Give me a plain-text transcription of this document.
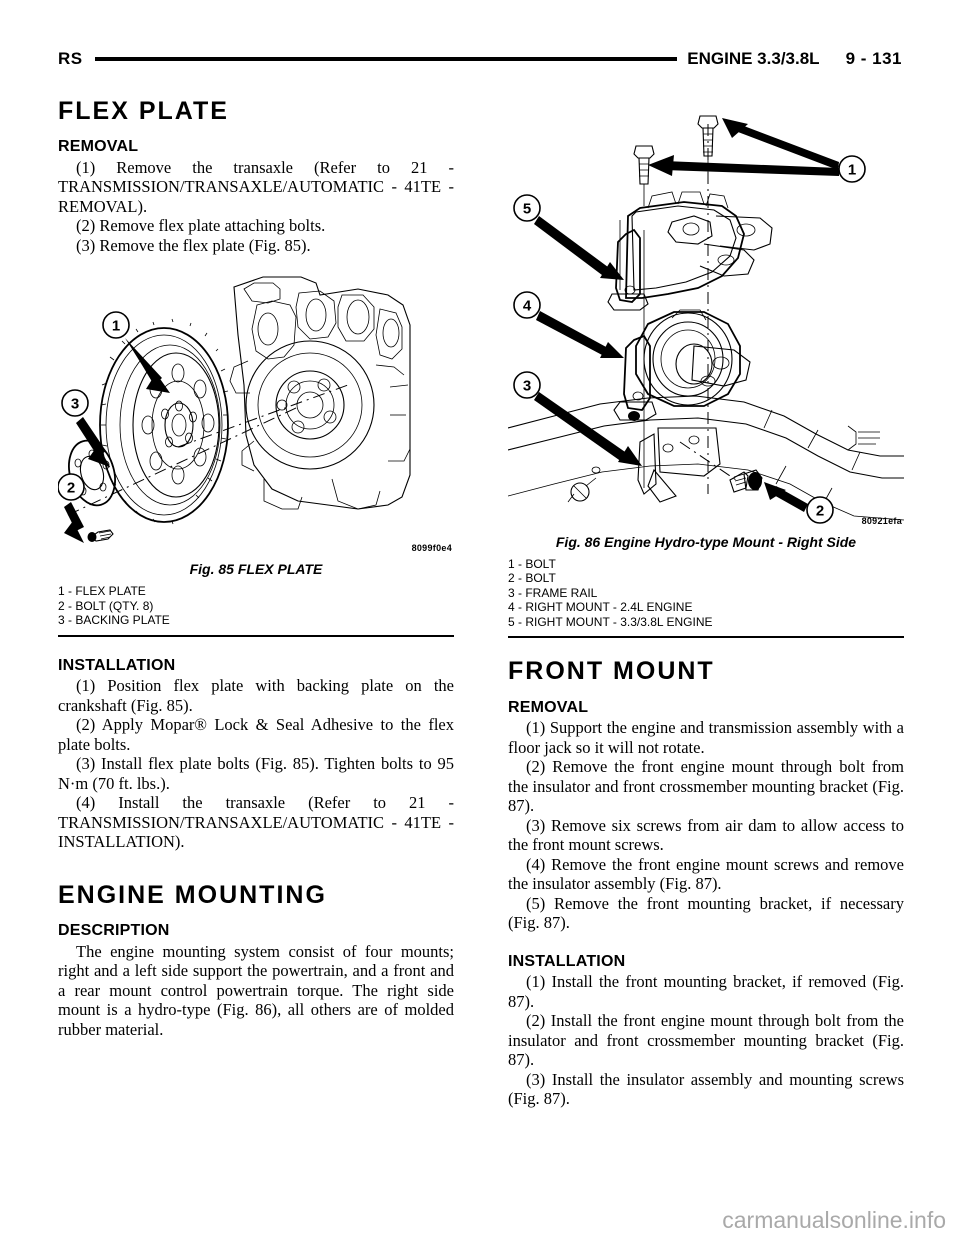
RS	ENGINE 3.3/3.8L 9 - 131
FLEX PLATE
REMOVAL

(1) Remove the transaxle (Refer to 21 - TRANSMISSION/TRANSAXLE/AUTOMATIC - 41TE - REMOVAL).

(2) Remove flex plate attaching bolts.

(3) Remove the flex plate (Fig. 85).

1
3
2
8099f0e4
Fig. 85 FLEX PLATE
1 - FLEX PLATE
2 - BOLT (QTY. 8)
3 - BACKING PLATE
INSTALLATION

(1) Position flex plate with backing plate on the crankshaft (Fig. 85).

(2) Apply Mopar® Lock & Seal Adhesive to the flex plate bolts.

(3) Install flex plate bolts (Fig. 85). Tighten bolts to 95 N·m (70 ft. lbs.).

(4) Install the transaxle (Refer to 21 - TRANSMISSION/TRANSAXLE/AUTOMATIC - 41TE - INSTALLATION).

ENGINE MOUNTING
DESCRIPTION

The engine mounting system consist of four mounts; right and a left side support the powertrain, and a front and a rear mount control powertrain torque. The right side mount is a hydro-type (Fig. 86), all others are of molded rubber material.

1
5
4
2
3
80921efa
Fig. 86 Engine Hydro-type Mount - Right Side
1 - BOLT
2 - BOLT
3 - FRAME RAIL
4 - RIGHT MOUNT - 2.4L ENGINE
5 - RIGHT MOUNT - 3.3/3.8L ENGINE
FRONT MOUNT
REMOVAL

(1) Support the engine and transmission assembly with a floor jack so it will not rotate.

(2) Remove the front engine mount through bolt from the insulator and front crossmember mounting bracket (Fig. 87).

(3) Remove six screws from air dam to allow access to the front mount screws.

(4) Remove the front engine mount screws and remove the insulator assembly (Fig. 87).

(5) Remove the front mounting bracket, if necessary (Fig. 87).

INSTALLATION

(1) Install the front mounting bracket, if removed (Fig. 87).

(2) Install the front engine mount through bolt from the insulator and front crossmember mounting bracket (Fig. 87).

(3) Install the insulator assembly and mounting screws (Fig. 87).

carmanualsonline.info
